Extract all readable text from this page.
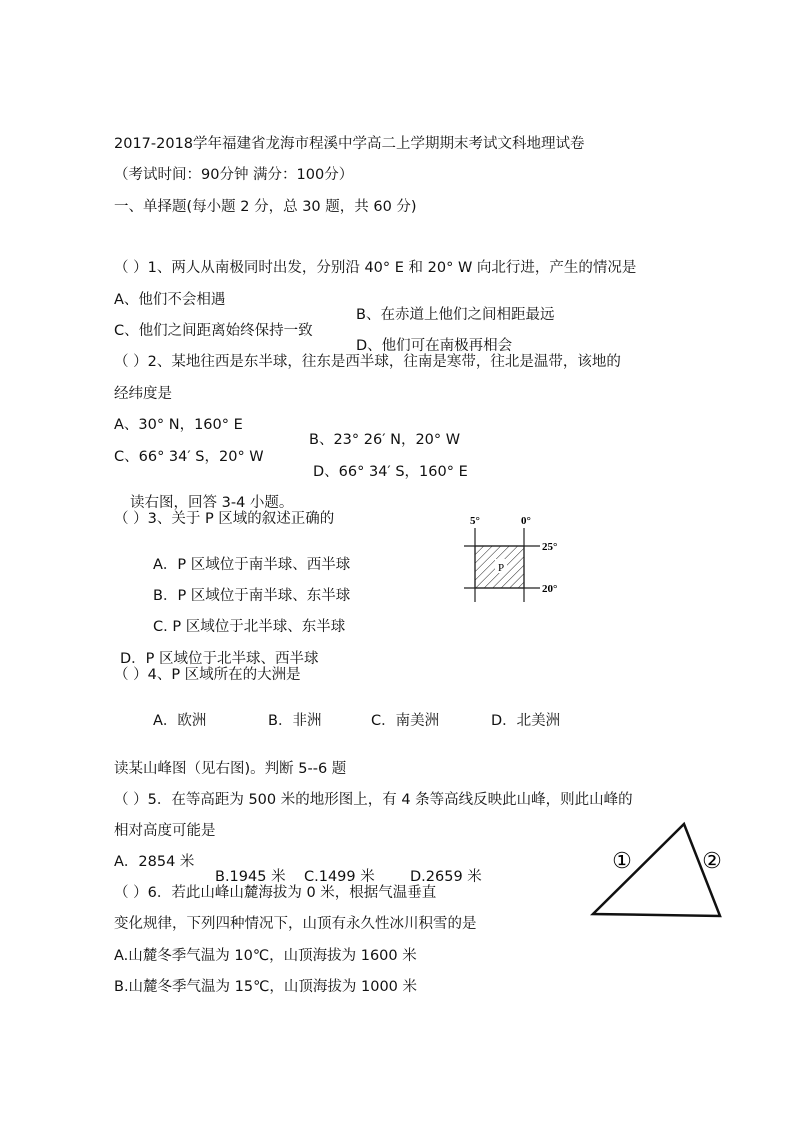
2017-2018学年福建省龙海市程溪中学高二上学期期末考试文科地理试卷

（考试时间：90分钟 满分：100分）

一、单择题(每小题 2 分，总 30 题，共 60 分)

（ ）1、两人从南极同时出发，分别沿 40° E 和 20° W 向北行进，产生的情况是

A、他们不会相遇

B、在赤道上他们之间相距最远

C、他们之间距离始终保持一致

D、他们可在南极再相会

（ ）2、某地往西是东半球，往东是西半球，往南是寒带，往北是温带，该地的

经纬度是

A、30° N，160° E

B、23° 26′ N，20° W

C、66° 34′ S，20° W

D、66° 34′ S，160° E

读右图，回答 3-4 小题。

（ ）3、关于 P 区域的叙述正确的

A．P 区域位于南半球、西半球

B．P 区域位于南半球、东半球

C. P 区域位于北半球、东半球

D．P 区域位于北半球、西半球

P
5°	0°
25°
20°

（ ）4、P 区域所在的大洲是

A．欧洲	B．非洲	C．南美洲	D．北美洲

读某山峰图（见右图)。判断 5--6 题

（ ）5．在等高距为 500 米的地形图上，有 4 条等高线反映此山峰，则此山峰的

相对高度可能是

A．2854 米

B.1945 米 C.1499 米 D.2659 米

①	②

（ ）6．若此山峰山麓海拔为 0 米，根据气温垂直

变化规律，下列四种情况下，山顶有永久性冰川积雪的是

A.山麓冬季气温为 10℃，山顶海拔为 1600 米

B.山麓冬季气温为 15℃，山顶海拔为 1000 米
